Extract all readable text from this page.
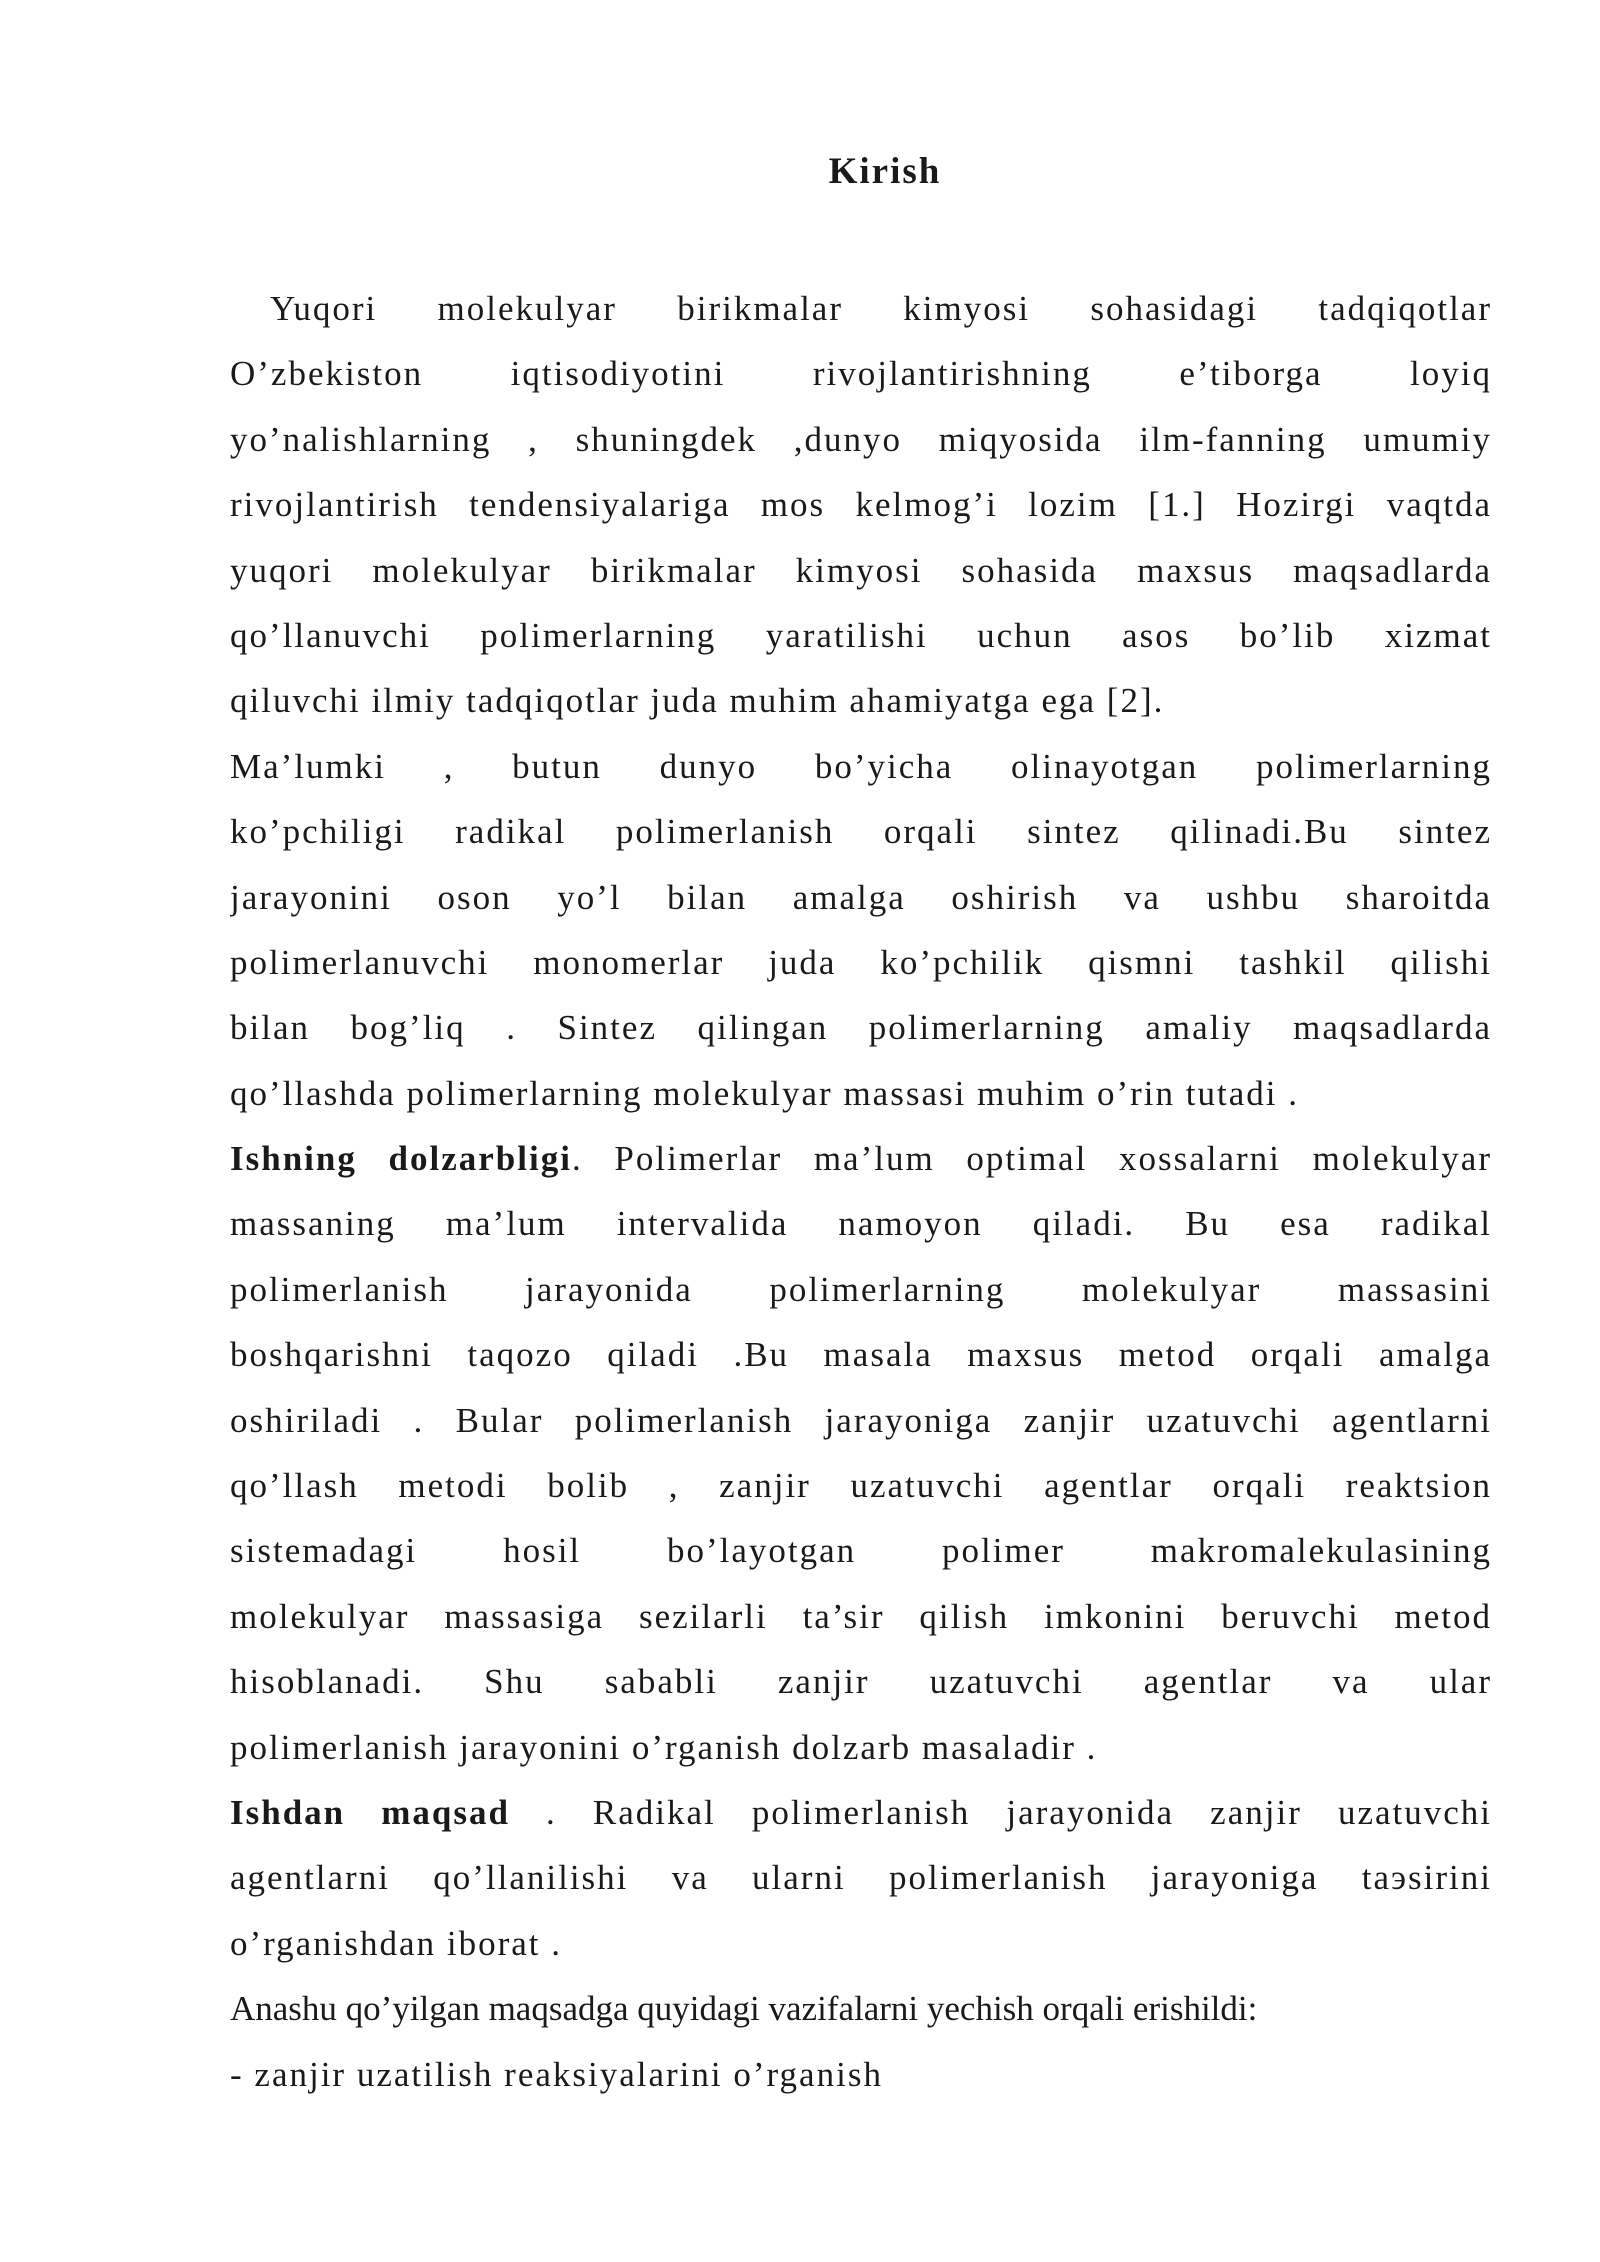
Kirish
Yuqori molekulyar birikmalar kimyosi sohasidagi tadqiqotlar
O’zbekiston iqtisodiyotini rivojlantirishning e’tiborga loyiq
yo’nalishlarning , shuningdek ,dunyo miqyosida ilm-fanning umumiy
rivojlantirish tendensiyalariga mos kelmog’i lozim [1.] Hozirgi vaqtda
yuqori molekulyar birikmalar kimyosi sohasida maxsus maqsadlarda
qo’llanuvchi polimerlarning yaratilishi uchun asos bo’lib xizmat
qiluvchi ilmiy tadqiqotlar juda muhim ahamiyatga ega [2].
Ma’lumki , butun dunyo bo’yicha olinayotgan polimerlarning
ko’pchiligi radikal polimerlanish orqali sintez qilinadi.Bu sintez
jarayonini oson yo’l bilan amalga oshirish va ushbu sharoitda
polimerlanuvchi monomerlar juda ko’pchilik qismni tashkil qilishi
bilan bog’liq . Sintez qilingan polimerlarning amaliy maqsadlarda
qo’llashda polimerlarning molekulyar massasi muhim o’rin tutadi .
Ishning dolzarbligi. Polimerlar ma’lum optimal xossalarni molekulyar
massaning ma’lum intervalida namoyon qiladi. Bu esa radikal
polimerlanish jarayonida polimerlarning molekulyar massasini
boshqarishni taqozo qiladi .Bu masala maxsus metod orqali amalga
oshiriladi . Bular polimerlanish jarayoniga zanjir uzatuvchi agentlarni
qo’llash metodi bolib , zanjir uzatuvchi agentlar orqali reaktsion
sistemadagi hosil bo’layotgan polimer makromalekulasining
molekulyar massasiga sezilarli ta’sir qilish imkonini beruvchi metod
hisoblanadi. Shu sababli zanjir uzatuvchi agentlar va ular
polimerlanish jarayonini o’rganish dolzarb masaladir .
Ishdan maqsad . Radikal polimerlanish jarayonida zanjir uzatuvchi
agentlarni qo’llanilishi va ularni polimerlanish jarayoniga taэsirini
o’rganishdan iborat .
Anashu qo’yilgan maqsadga quyidagi vazifalarni yechish orqali erishildi:
- zanjir uzatilish reaksiyalarini o’rganish
